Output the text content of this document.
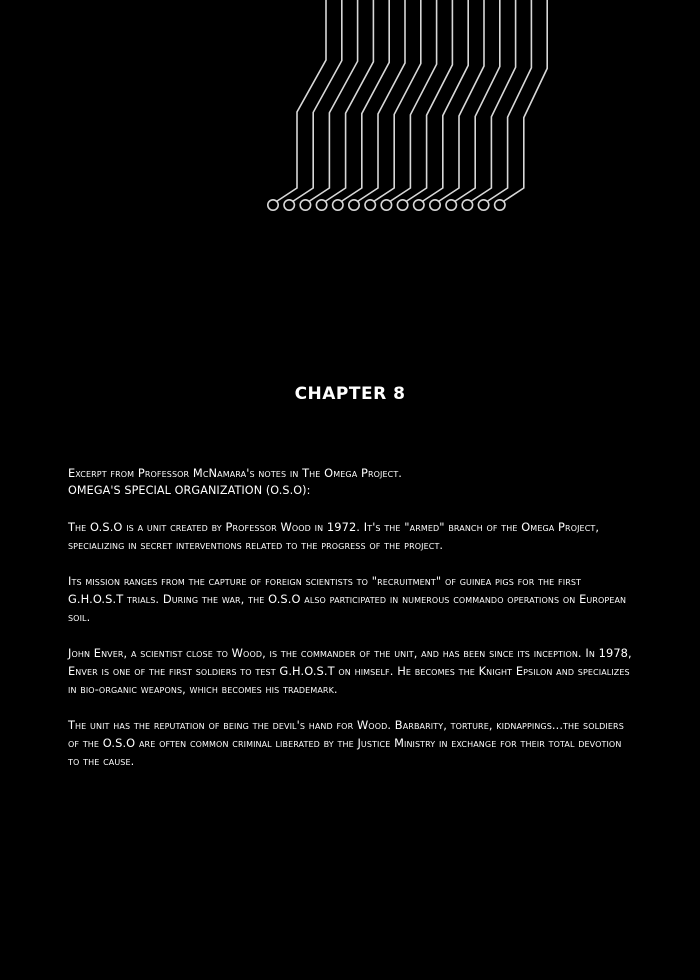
CHAPTER 8

Excerpt from Professor McNamara's notes in The Omega Project.

OMEGA'S SPECIAL ORGANIZATION (O.S.O):

The O.S.O is a unit created by Professor Wood in 1972. It's the "armed" branch of the Omega Project, specializing in secret interventions related to the progress of the project.

Its mission ranges from the capture of foreign scientists to "recruitment" of guinea pigs for the first G.H.O.S.T trials. During the war, the O.S.O also participated in numerous commando operations on European soil.

John Enver, a scientist close to Wood, is the commander of the unit, and has been since its inception. In 1978, Enver is one of the first soldiers to test G.H.O.S.T on himself. He becomes the Knight Epsilon and specializes in bio-organic weapons, which becomes his trademark.

The unit has the reputation of being the devil's hand for Wood. Barbarity, torture, kidnappings...the soldiers of the O.S.O are often common criminal liberated by the Justice Ministry in exchange for their total devotion to the cause.
